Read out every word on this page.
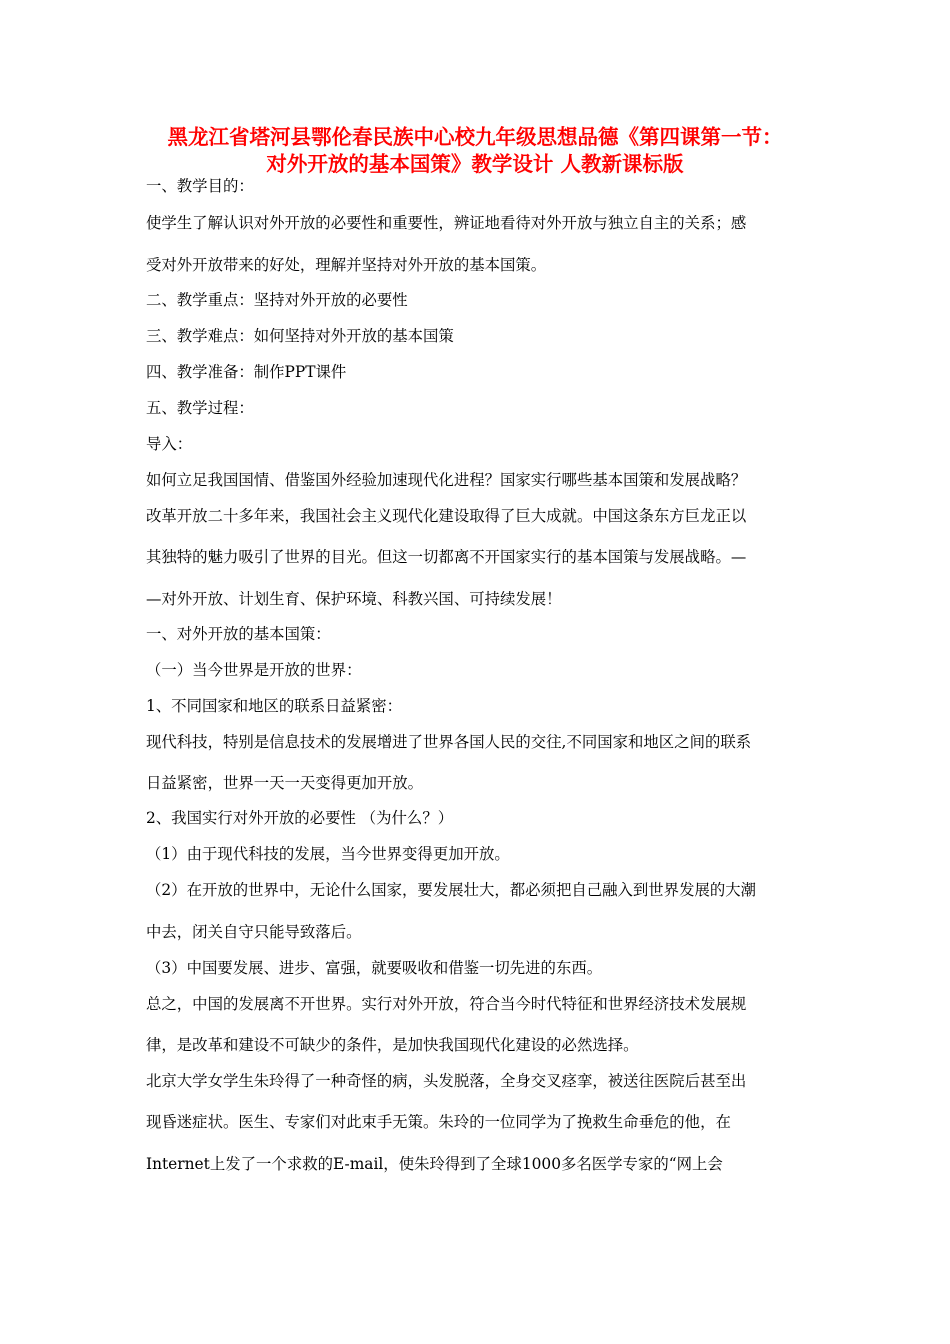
黑龙江省塔河县鄂伦春民族中心校九年级思想品德《第四课第一节：
对外开放的基本国策》教学设计 人教新课标版
一、教学目的：
使学生了解认识对外开放的必要性和重要性，辨证地看待对外开放与独立自主的关系；感
受对外开放带来的好处，理解并坚持对外开放的基本国策。
二、教学重点：坚持对外开放的必要性
三、教学难点：如何坚持对外开放的基本国策
四、教学准备：制作PPT课件
五、教学过程：
导入：
如何立足我国国情、借鉴国外经验加速现代化进程？国家实行哪些基本国策和发展战略？
改革开放二十多年来，我国社会主义现代化建设取得了巨大成就。中国这条东方巨龙正以
其独特的魅力吸引了世界的目光。但这一切都离不开国家实行的基本国策与发展战略。—
—对外开放、计划生育、保护环境、科教兴国、可持续发展！
一、对外开放的基本国策：
（一）当今世界是开放的世界：
1、不同国家和地区的联系日益紧密：
现代科技，特别是信息技术的发展增进了世界各国人民的交往,不同国家和地区之间的联系
日益紧密，世界一天一天变得更加开放。
2、我国实行对外开放的必要性 （为什么？）
（1）由于现代科技的发展，当今世界变得更加开放。
（2）在开放的世界中，无论什么国家，要发展壮大，都必须把自己融入到世界发展的大潮
中去，闭关自守只能导致落后。
（3）中国要发展、进步、富强，就要吸收和借鉴一切先进的东西。
总之，中国的发展离不开世界。实行对外开放，符合当今时代特征和世界经济技术发展规
律，是改革和建设不可缺少的条件，是加快我国现代化建设的必然选择。
北京大学女学生朱玲得了一种奇怪的病，头发脱落，全身交叉痉挛，被送往医院后甚至出
现昏迷症状。医生、专家们对此束手无策。朱玲的一位同学为了挽救生命垂危的他，在
Internet上发了一个求救的E-mail，使朱玲得到了全球1000多名医学专家的“网上会
